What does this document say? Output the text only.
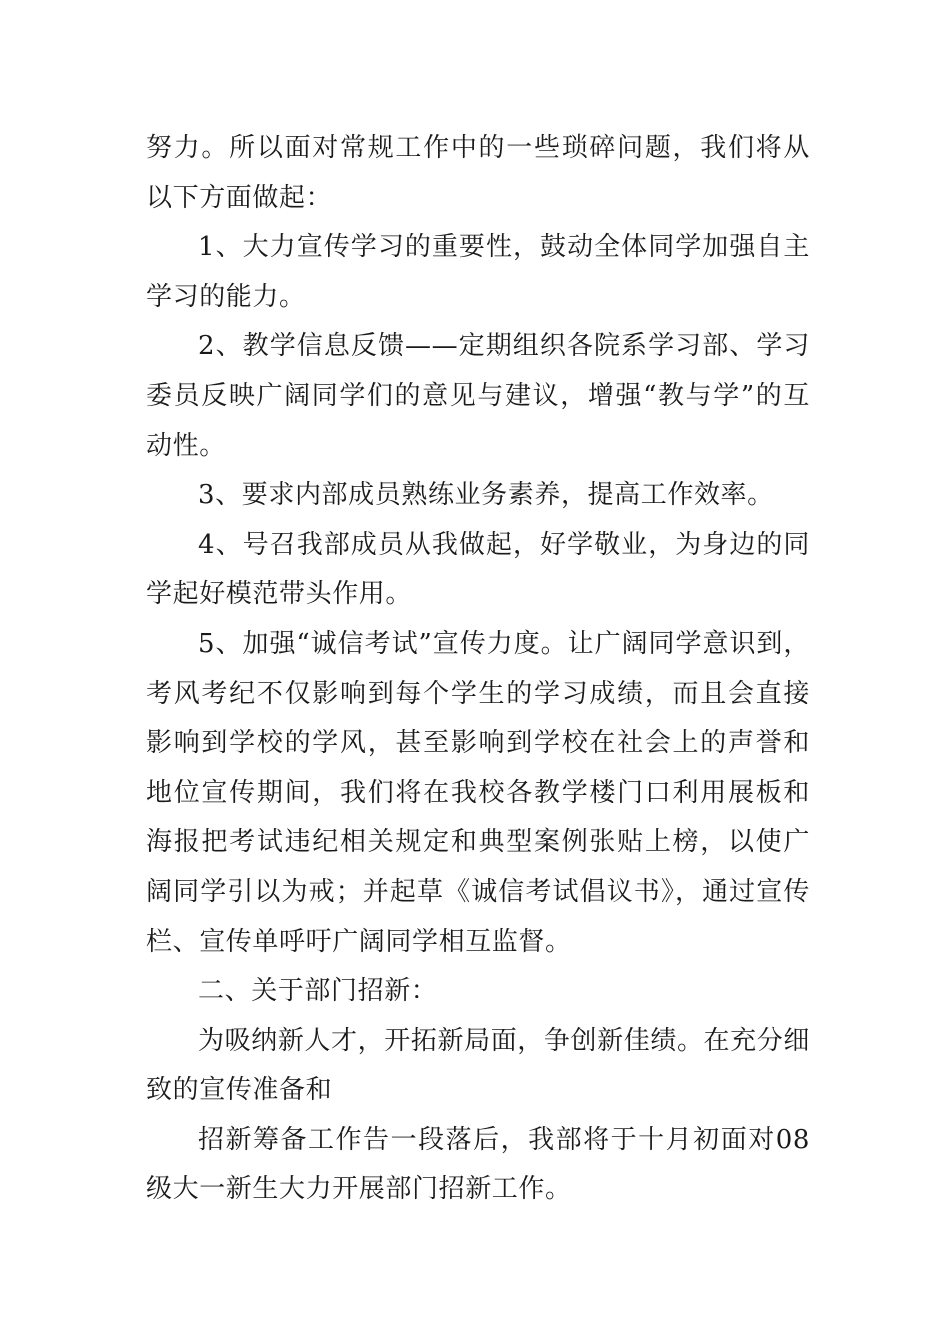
努力。所以面对常规工作中的一些琐碎问题，我们将从以下方面做起：

1、大力宣传学习的重要性，鼓动全体同学加强自主学习的能力。

2、教学信息反馈——定期组织各院系学习部、学习委员反映广阔同学们的意见与建议，增强“教与学”的互动性。

3、要求内部成员熟练业务素养，提高工作效率。

4、号召我部成员从我做起，好学敬业，为身边的同学起好模范带头作用。

5、加强“诚信考试”宣传力度。让广阔同学意识到，考风考纪不仅影响到每个学生的学习成绩，而且会直接影响到学校的学风，甚至影响到学校在社会上的声誉和地位宣传期间，我们将在我校各教学楼门口利用展板和海报把考试违纪相关规定和典型案例张贴上榜，以使广阔同学引以为戒；并起草《诚信考试倡议书》，通过宣传栏、宣传单呼吁广阔同学相互监督。

二、关于部门招新：

为吸纳新人才，开拓新局面，争创新佳绩。在充分细致的宣传准备和

招新筹备工作告一段落后，我部将于十月初面对08级大一新生大力开展部门招新工作。
